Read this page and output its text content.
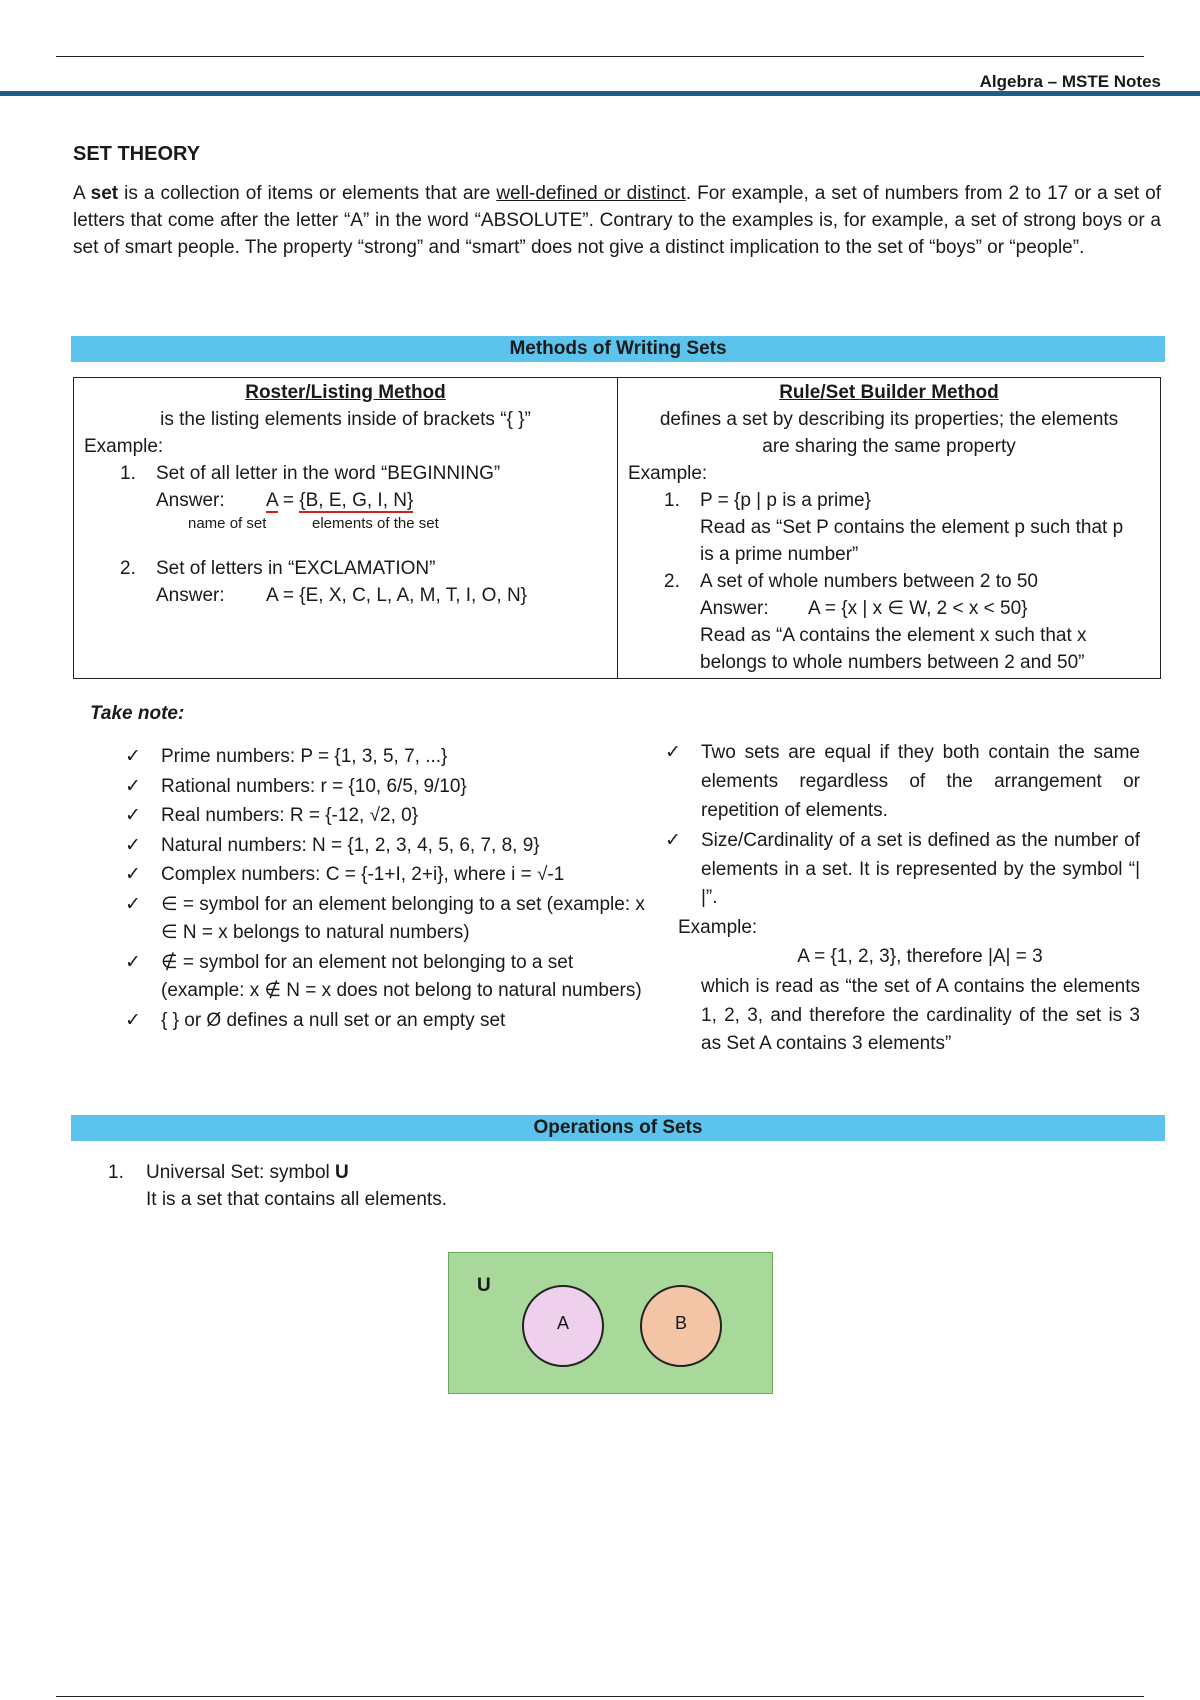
Algebra – MSTE Notes
SET THEORY
A set is a collection of items or elements that are well-defined or distinct. For example, a set of numbers from 2 to 17 or a set of letters that come after the letter “A” in the word “ABSOLUTE”. Contrary to the examples is, for example, a set of strong boys or a set of smart people. The property “strong” and “smart” does not give a distinct implication to the set of “boys” or “people”.
Methods of Writing Sets
Roster/Listing Method
is the listing elements inside of brackets “{ }”
Example:
1. Set of all letter in the word “BEGINNING”
Answer:	A = {B, E, G, I, N}
name of set	elements of the set
2. Set of letters in “EXCLAMATION”
Answer:	A = {E, X, C, L, A, M, T, I, O, N}
Rule/Set Builder Method
defines a set by describing its properties; the elements are sharing the same property
Example:
1. P = {p | p is a prime}
Read as “Set P contains the element p such that p is a prime number”
2. A set of whole numbers between 2 to 50
Answer:	A = {x | x ∈ W, 2 < x < 50}
Read as “A contains the element x such that x belongs to whole numbers between 2 and 50”
Take note:
✓ Prime numbers: P = {1, 3, 5, 7, ...}
✓ Rational numbers: r = {10, 6/5, 9/10}
✓ Real numbers: R = {-12, √2, 0}
✓ Natural numbers: N = {1, 2, 3, 4, 5, 6, 7, 8, 9}
✓ Complex numbers: C = {-1+I, 2+i}, where i = √-1
✓ ∈ = symbol for an element belonging to a set (example: x ∈ N = x belongs to natural numbers)
✓ ∉ = symbol for an element not belonging to a set (example: x ∉ N = x does not belong to natural numbers)
✓ { } or Ø defines a null set or an empty set
✓ Two sets are equal if they both contain the same elements regardless of the arrangement or repetition of elements.
✓ Size/Cardinality of a set is defined as the number of elements in a set. It is represented by the symbol “| |”.
Example:
A = {1, 2, 3}, therefore |A| = 3
which is read as “the set of A contains the elements 1, 2, 3, and therefore the cardinality of the set is 3 as Set A contains 3 elements”
Operations of Sets
1. Universal Set: symbol U
It is a set that contains all elements.
U
A	B
